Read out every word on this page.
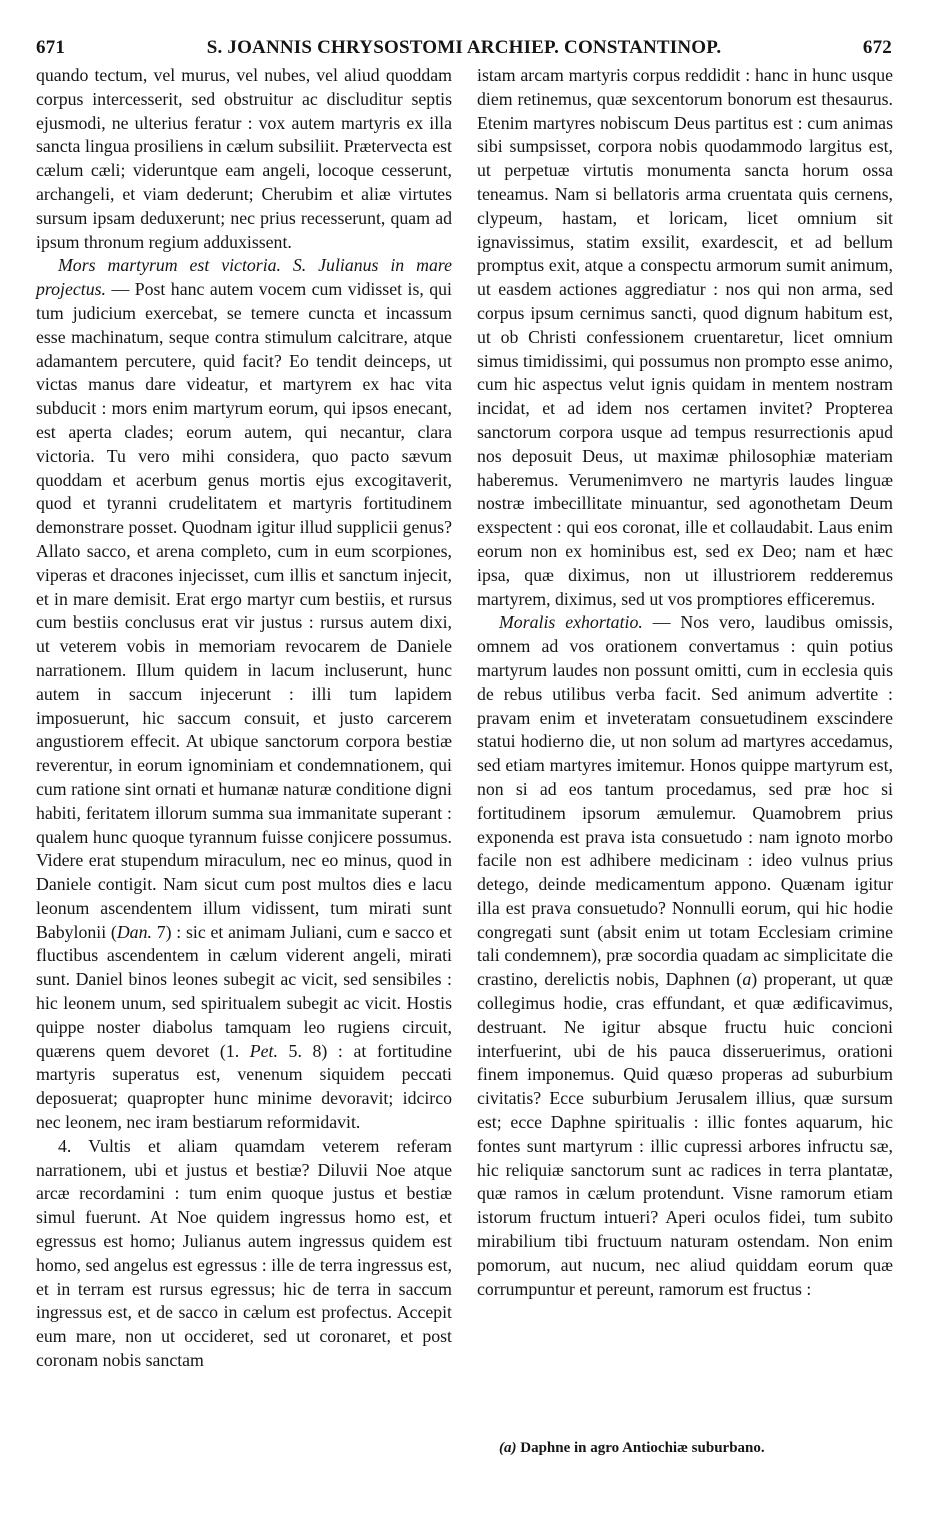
671	S. JOANNIS CHRYSOSTOMI ARCHIEP. CONSTANTINOP.	672

quando tectum, vel murus, vel nubes, vel aliud quoddam corpus intercesserit, sed obstruitur ac discluditur septis ejusmodi, ne ulterius feratur : vox autem martyris ex illa sancta lingua prosiliens in cælum subsiliit. Prætervecta est cælum cæli; videruntque eam angeli, locoque cesserunt, archangeli, et viam dederunt; Cherubim et aliæ virtutes sursum ipsam deduxerunt; nec prius recesserunt, quam ad ipsum thronum regium adduxissent.

Mors martyrum est victoria. S. Julianus in mare projectus. — Post hanc autem vocem cum vidisset is, qui tum judicium exercebat, se temere cuncta et incassum esse machinatum, seque contra stimulum calcitrare, atque adamantem percutere, quid facit? Eo tendit deinceps, ut victas manus dare videatur, et martyrem ex hac vita subducit : mors enim martyrum eorum, qui ipsos enecant, est aperta clades; eorum autem, qui necantur, clara victoria. Tu vero mihi considera, quo pacto sævum quoddam et acerbum genus mortis ejus excogitaverit, quod et tyranni crudelitatem et martyris fortitudinem demonstrare posset. Quodnam igitur illud supplicii genus? Allato sacco, et arena completo, cum in eum scorpiones, viperas et dracones injecisset, cum illis et sanctum injecit, et in mare demisit. Erat ergo martyr cum bestiis, et rursus cum bestiis conclusus erat vir justus : rursus autem dixi, ut veterem vobis in memoriam revocarem de Daniele narrationem. Illum quidem in lacum incluserunt, hunc autem in saccum injecerunt : illi tum lapidem imposuerunt, hic saccum consuit, et justo carcerem angustiorem effecit. At ubique sanctorum corpora bestiæ reverentur, in eorum ignominiam et condemnationem, qui cum ratione sint ornati et humanæ naturæ conditione digni habiti, feritatem illorum summa sua immanitate superant : qualem hunc quoque tyrannum fuisse conjicere possumus. Videre erat stupendum miraculum, nec eo minus, quod in Daniele contigit. Nam sicut cum post multos dies e lacu leonum ascendentem illum vidissent, tum mirati sunt Babylonii (Dan. 7) : sic et animam Juliani, cum e sacco et fluctibus ascendentem in cælum viderent angeli, mirati sunt. Daniel binos leones subegit ac vicit, sed sensibiles : hic leonem unum, sed spiritualem subegit ac vicit. Hostis quippe noster diabolus tamquam leo rugiens circuit, quærens quem devoret (1. Pet. 5. 8) : at fortitudine martyris superatus est, venenum siquidem peccati deposuerat; quapropter hunc minime devoravit; idcirco nec leonem, nec iram bestiarum reformidavit.

4. Vultis et aliam quamdam veterem referam narrationem, ubi et justus et bestiæ? Diluvii Noe atque arcæ recordamini : tum enim quoque justus et bestiæ simul fuerunt. At Noe quidem ingressus homo est, et egressus est homo; Julianus autem ingressus quidem est homo, sed angelus est egressus : ille de terra ingressus est, et in terram est rursus egressus; hic de terra in saccum ingressus est, et de sacco in cælum est profectus. Accepit eum mare, non ut occideret, sed ut coronaret, et post coronam nobis sanctam

istam arcam martyris corpus reddidit : hanc in hunc usque diem retinemus, quæ sexcentorum bonorum est thesaurus. Etenim martyres nobiscum Deus partitus est : cum animas sibi sumpsisset, corpora nobis quodammodo largitus est, ut perpetuæ virtutis monumenta sancta horum ossa teneamus. Nam si bellatoris arma cruentata quis cernens, clypeum, hastam, et loricam, licet omnium sit ignavissimus, statim exsilit, exardescit, et ad bellum promptus exit, atque a conspectu armorum sumit animum, ut easdem actiones aggrediatur : nos qui non arma, sed corpus ipsum cernimus sancti, quod dignum habitum est, ut ob Christi confessionem cruentaretur, licet omnium simus timidissimi, qui possumus non prompto esse animo, cum hic aspectus velut ignis quidam in mentem nostram incidat, et ad idem nos certamen invitet? Propterea sanctorum corpora usque ad tempus resurrectionis apud nos deposuit Deus, ut maximæ philosophiæ materiam haberemus. Verumenimvero ne martyris laudes linguæ nostræ imbecillitate minuantur, sed agonothetam Deum exspectent : qui eos coronat, ille et collaudabit. Laus enim eorum non ex hominibus est, sed ex Deo; nam et hæc ipsa, quæ diximus, non ut illustriorem redderemus martyrem, diximus, sed ut vos promptiores efficeremus.

Moralis exhortatio. — Nos vero, laudibus omissis, omnem ad vos orationem convertamus : quin potius martyrum laudes non possunt omitti, cum in ecclesia quis de rebus utilibus verba facit. Sed animum advertite : pravam enim et inveteratam consuetudinem exscindere statui hodierno die, ut non solum ad martyres accedamus, sed etiam martyres imitemur. Honos quippe martyrum est, non si ad eos tantum procedamus, sed præ hoc si fortitudinem ipsorum æmulemur. Quamobrem prius exponenda est prava ista consuetudo : nam ignoto morbo facile non est adhibere medicinam : ideo vulnus prius detego, deinde medicamentum appono. Quænam igitur illa est prava consuetudo? Nonnulli eorum, qui hic hodie congregati sunt (absit enim ut totam Ecclesiam crimine tali condemnem), præ socordia quadam ac simplicitate die crastino, derelictis nobis, Daphnen (a) properant, ut quæ collegimus hodie, cras effundant, et quæ ædificavimus, destruant. Ne igitur absque fructu huic concioni interfuerint, ubi de his pauca disseruerimus, orationi finem imponemus. Quid quæso properas ad suburbium civitatis? Ecce suburbium Jerusalem illius, quæ sursum est; ecce Daphne spiritualis : illic fontes aquarum, hic fontes sunt martyrum : illic cupressi arbores infructu sæ, hic reliquiæ sanctorum sunt ac radices in terra plantatæ, quæ ramos in cælum protendunt. Visne ramorum etiam istorum fructum intueri? Aperi oculos fidei, tum subito mirabilium tibi fructuum naturam ostendam. Non enim pomorum, aut nucum, nec aliud quiddam eorum quæ corrumpuntur et pereunt, ramorum est fructus :

(a) Daphne in agro Antiochiæ suburbano.
